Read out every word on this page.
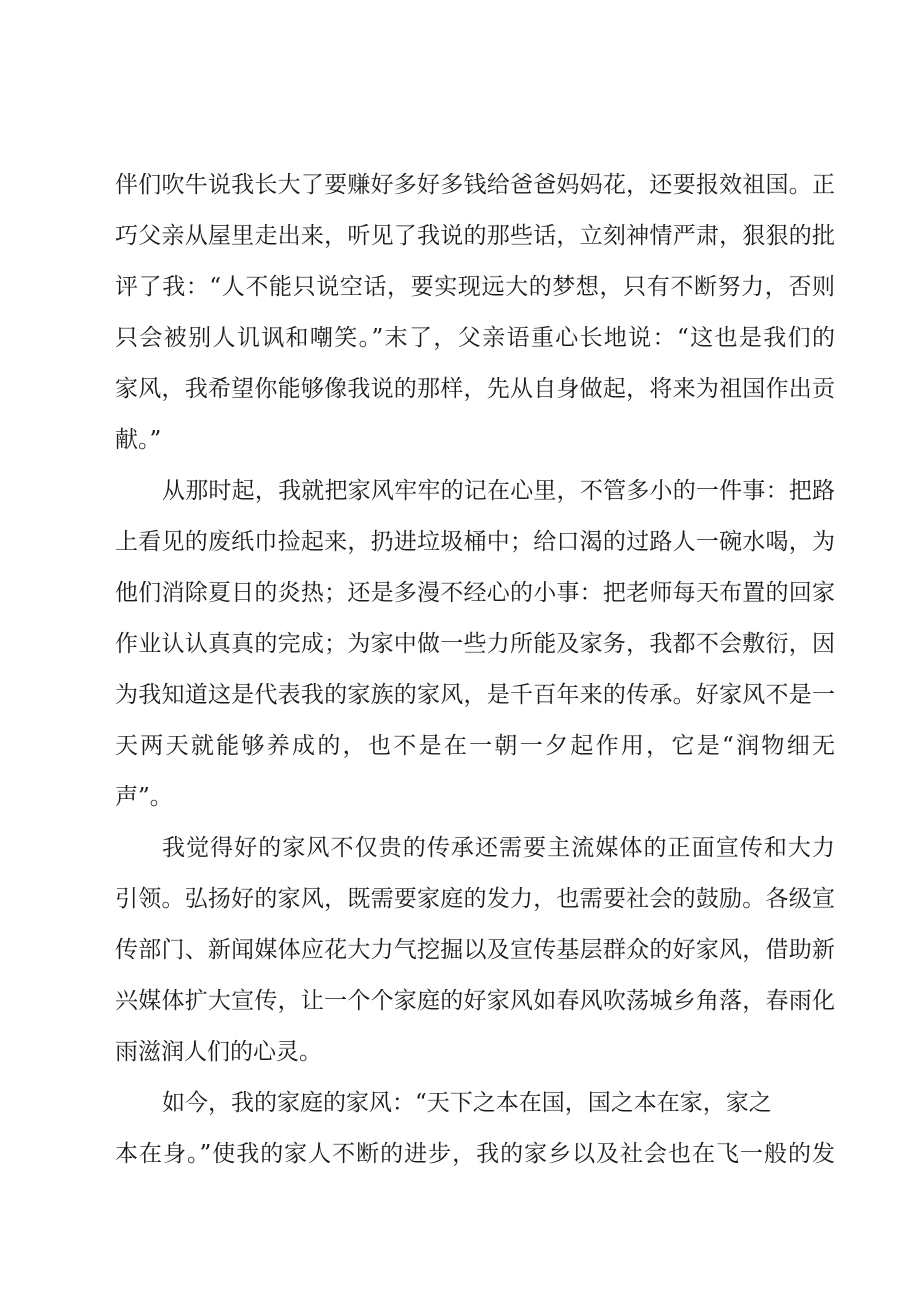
伴们吹牛说我长大了要赚好多好多钱给爸爸妈妈花，还要报效祖国。正
巧父亲从屋里走出来，听见了我说的那些话，立刻神情严肃，狠狠的批
评了我：“人不能只说空话，要实现远大的梦想，只有不断努力，否则
只会被别人讥讽和嘲笑。”末了，父亲语重心长地说：“这也是我们的
家风，我希望你能够像我说的那样，先从自身做起，将来为祖国作出贡
献。”
从那时起，我就把家风牢牢的记在心里，不管多小的一件事：把路
上看见的废纸巾捡起来，扔进垃圾桶中；给口渴的过路人一碗水喝，为
他们消除夏日的炎热；还是多漫不经心的小事：把老师每天布置的回家
作业认认真真的完成；为家中做一些力所能及家务，我都不会敷衍，因
为我知道这是代表我的家族的家风，是千百年来的传承。好家风不是一
天两天就能够养成的，也不是在一朝一夕起作用，它是“润物细无
声”。
我觉得好的家风不仅贵的传承还需要主流媒体的正面宣传和大力
引领。弘扬好的家风，既需要家庭的发力，也需要社会的鼓励。各级宣
传部门、新闻媒体应花大力气挖掘以及宣传基层群众的好家风，借助新
兴媒体扩大宣传，让一个个家庭的好家风如春风吹荡城乡角落，春雨化
雨滋润人们的心灵。
如今，我的家庭的家风：“天下之本在国，国之本在家，家之
本在身。”使我的家人不断的进步，我的家乡以及社会也在飞一般的发
